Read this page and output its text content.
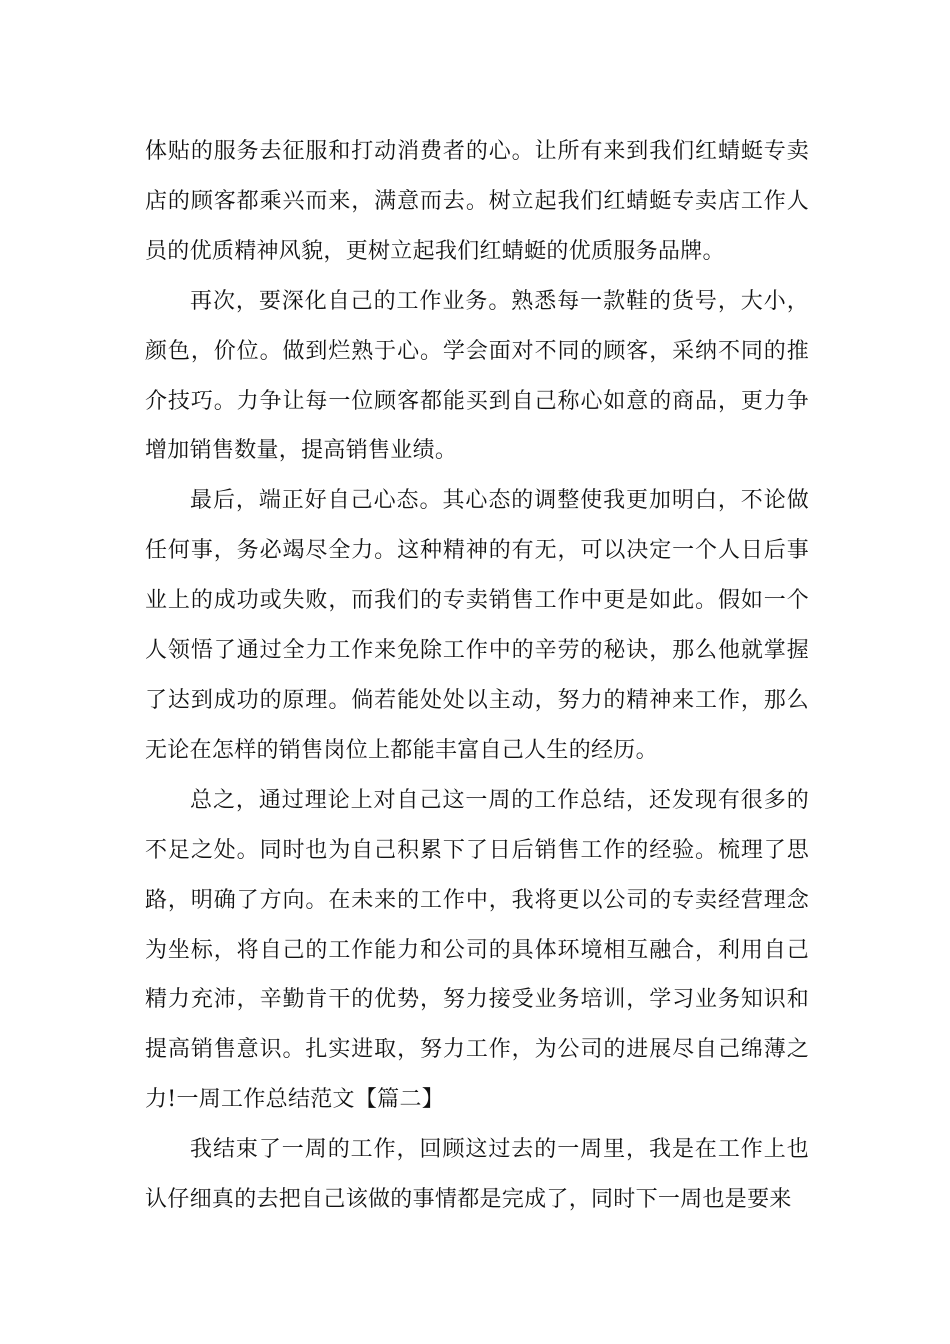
体贴的服务去征服和打动消费者的心。让所有来到我们红蜻蜓专卖店的顾客都乘兴而来，满意而去。树立起我们红蜻蜓专卖店工作人员的优质精神风貌，更树立起我们红蜻蜓的优质服务品牌。

再次，要深化自己的工作业务。熟悉每一款鞋的货号，大小，颜色，价位。做到烂熟于心。学会面对不同的顾客，采纳不同的推介技巧。力争让每一位顾客都能买到自己称心如意的商品，更力争增加销售数量，提高销售业绩。

最后，端正好自己心态。其心态的调整使我更加明白，不论做任何事，务必竭尽全力。这种精神的有无，可以决定一个人日后事业上的成功或失败，而我们的专卖销售工作中更是如此。假如一个人领悟了通过全力工作来免除工作中的辛劳的秘诀，那么他就掌握了达到成功的原理。倘若能处处以主动，努力的精神来工作，那么无论在怎样的销售岗位上都能丰富自己人生的经历。

总之，通过理论上对自己这一周的工作总结，还发现有很多的不足之处。同时也为自己积累下了日后销售工作的经验。梳理了思路，明确了方向。在未来的工作中，我将更以公司的专卖经营理念为坐标，将自己的工作能力和公司的具体环境相互融合，利用自己精力充沛，辛勤肯干的优势，努力接受业务培训，学习业务知识和提高销售意识。扎实进取，努力工作，为公司的进展尽自己绵薄之力!一周工作总结范文【篇二】

我结束了一周的工作，回顾这过去的一周里，我是在工作上也认仔细真的去把自己该做的事情都是完成了，同时下一周也是要来
